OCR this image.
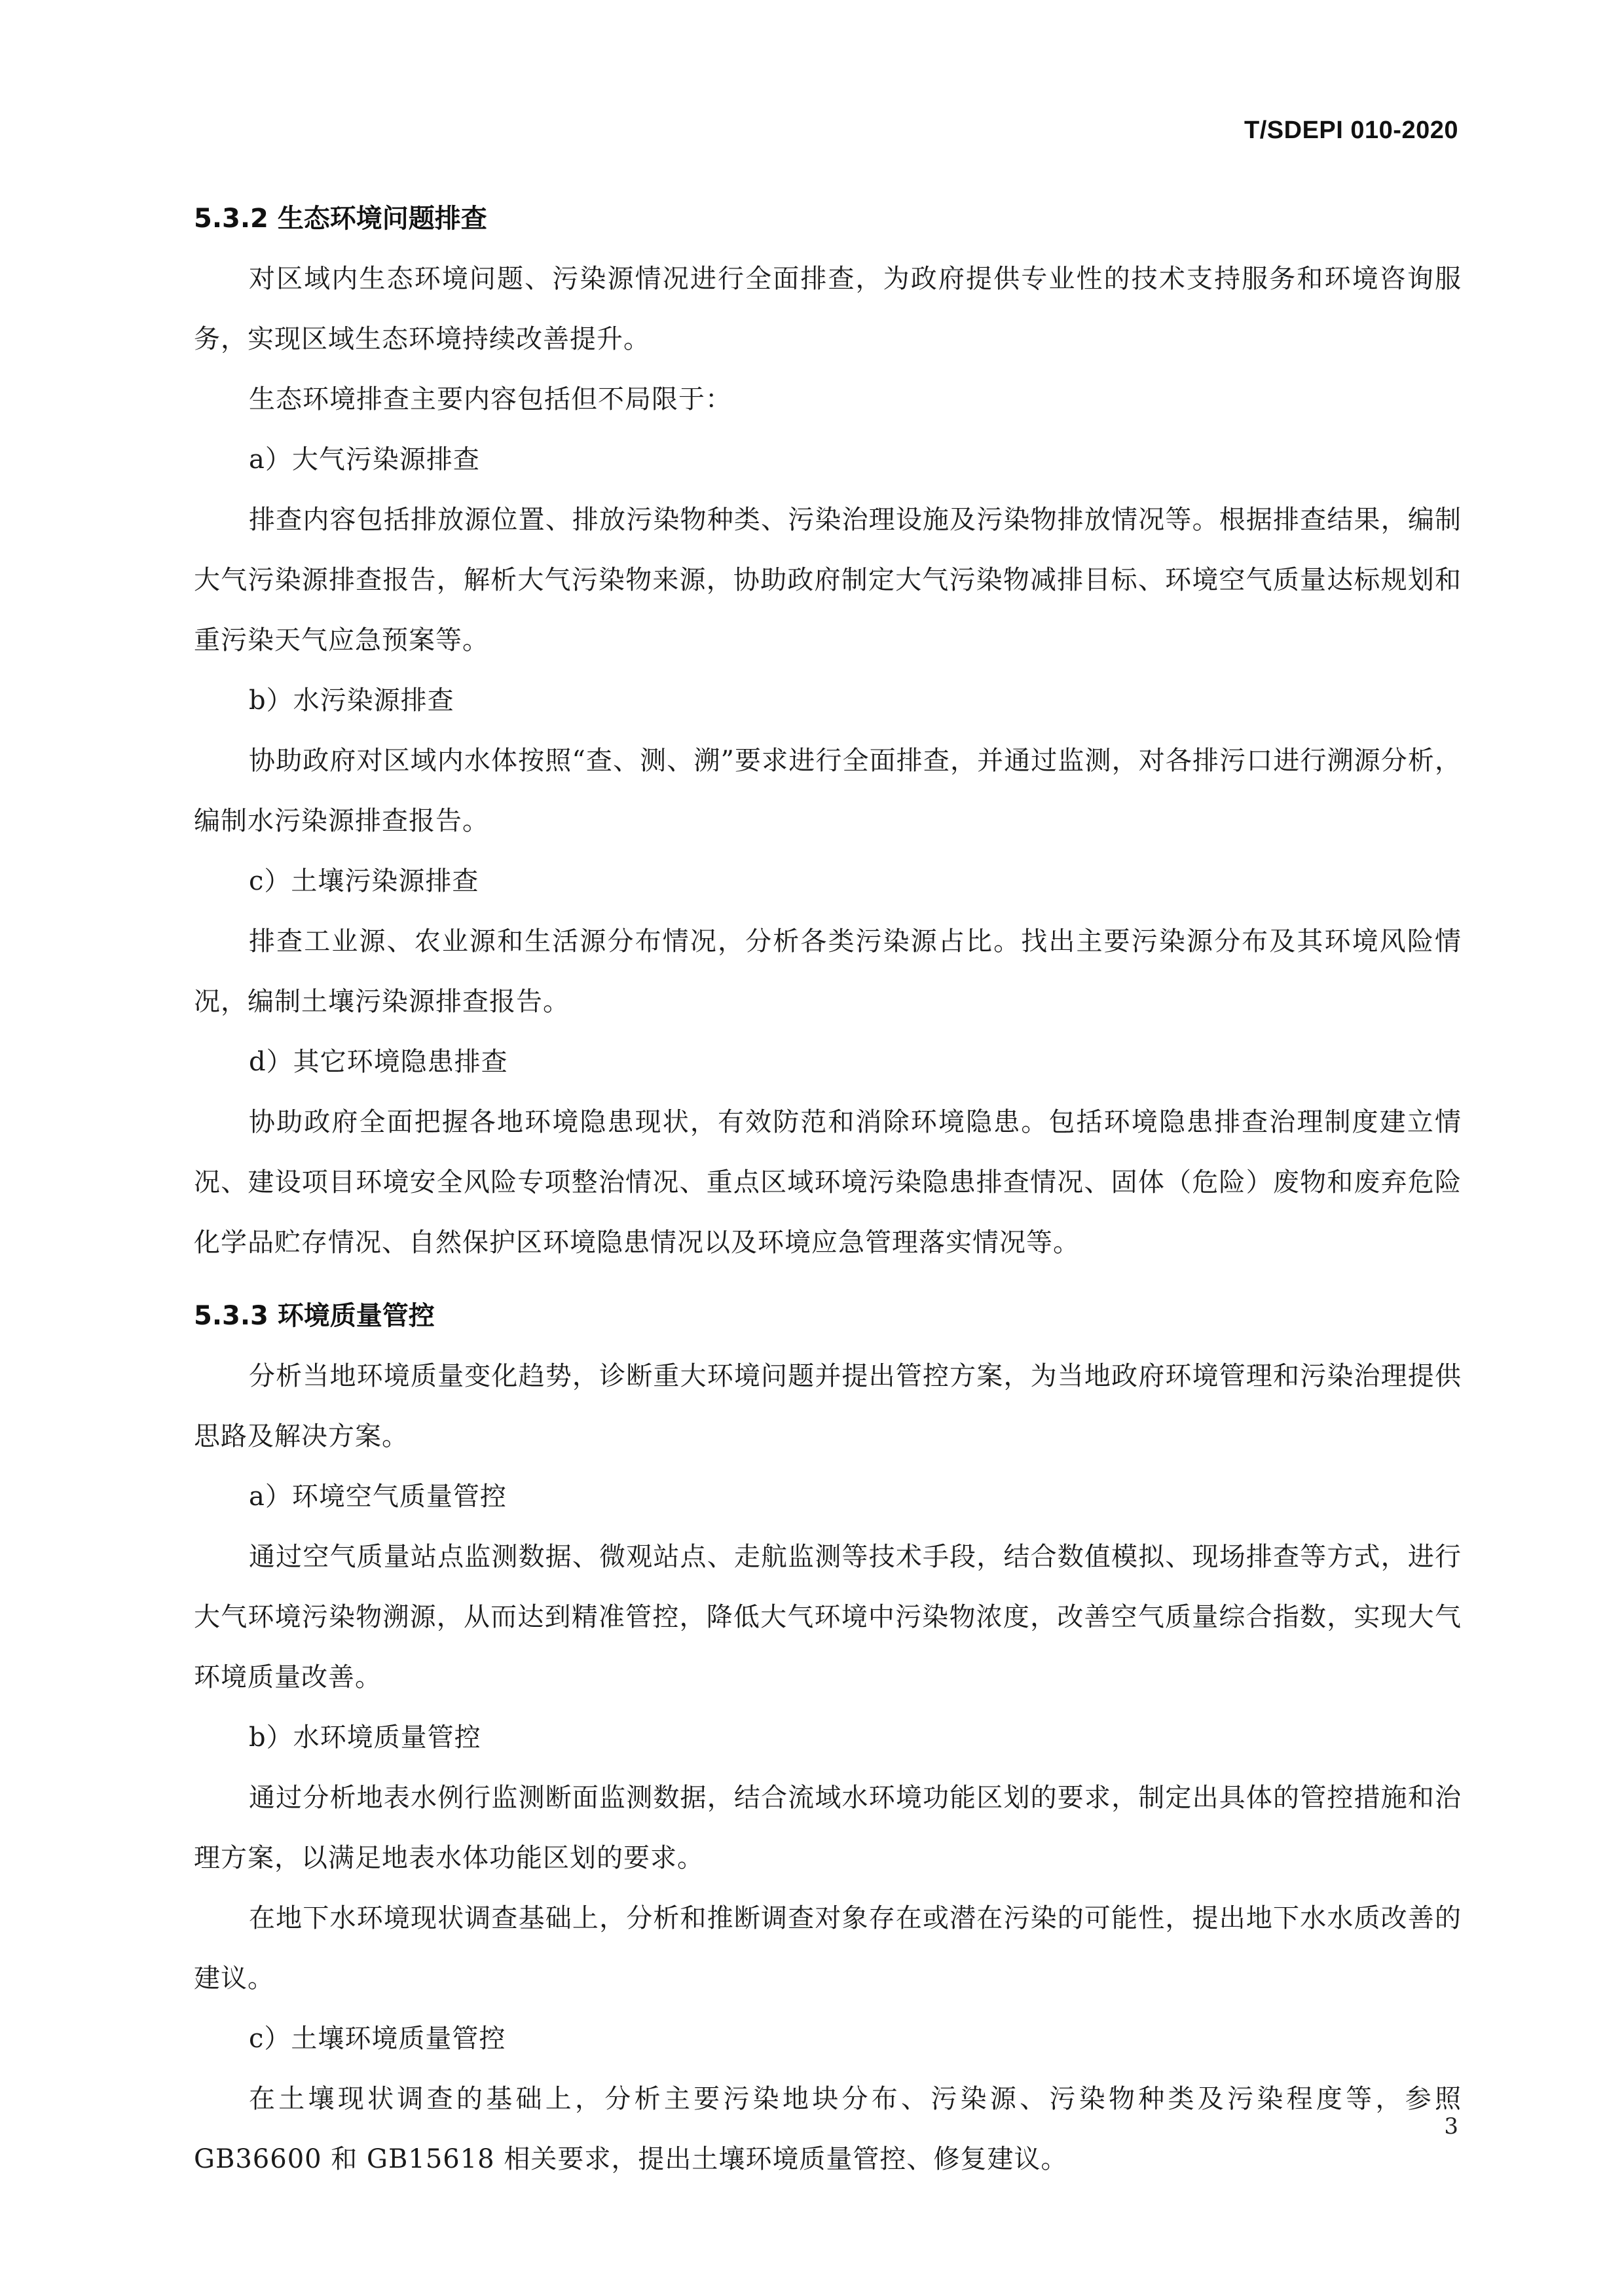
T/SDEPI 010-2020
5.3.2 生态环境问题排查

对区域内生态环境问题、污染源情况进行全面排查，为政府提供专业性的技术支持服务和环境咨询服务，实现区域生态环境持续改善提升。

生态环境排查主要内容包括但不局限于：

a）大气污染源排查

排查内容包括排放源位置、排放污染物种类、污染治理设施及污染物排放情况等。根据排查结果，编制大气污染源排查报告，解析大气污染物来源，协助政府制定大气污染物减排目标、环境空气质量达标规划和重污染天气应急预案等。

b）水污染源排查

协助政府对区域内水体按照“查、测、溯”要求进行全面排查，并通过监测，对各排污口进行溯源分析，编制水污染源排查报告。

c）土壤污染源排查

排查工业源、农业源和生活源分布情况，分析各类污染源占比。找出主要污染源分布及其环境风险情况，编制土壤污染源排查报告。

d）其它环境隐患排查

协助政府全面把握各地环境隐患现状，有效防范和消除环境隐患。包括环境隐患排查治理制度建立情况、建设项目环境安全风险专项整治情况、重点区域环境污染隐患排查情况、固体（危险）废物和废弃危险化学品贮存情况、自然保护区环境隐患情况以及环境应急管理落实情况等。

5.3.3 环境质量管控

分析当地环境质量变化趋势，诊断重大环境问题并提出管控方案，为当地政府环境管理和污染治理提供思路及解决方案。

a）环境空气质量管控

通过空气质量站点监测数据、微观站点、走航监测等技术手段，结合数值模拟、现场排查等方式，进行大气环境污染物溯源，从而达到精准管控，降低大气环境中污染物浓度，改善空气质量综合指数，实现大气环境质量改善。

b）水环境质量管控

通过分析地表水例行监测断面监测数据，结合流域水环境功能区划的要求，制定出具体的管控措施和治理方案，以满足地表水体功能区划的要求。

在地下水环境现状调查基础上，分析和推断调查对象存在或潜在污染的可能性，提出地下水水质改善的建议。

c）土壤环境质量管控

在土壤现状调查的基础上，分析主要污染地块分布、污染源、污染物种类及污染程度等，参照GB36600 和 GB15618 相关要求，提出土壤环境质量管控、修复建议。

3
